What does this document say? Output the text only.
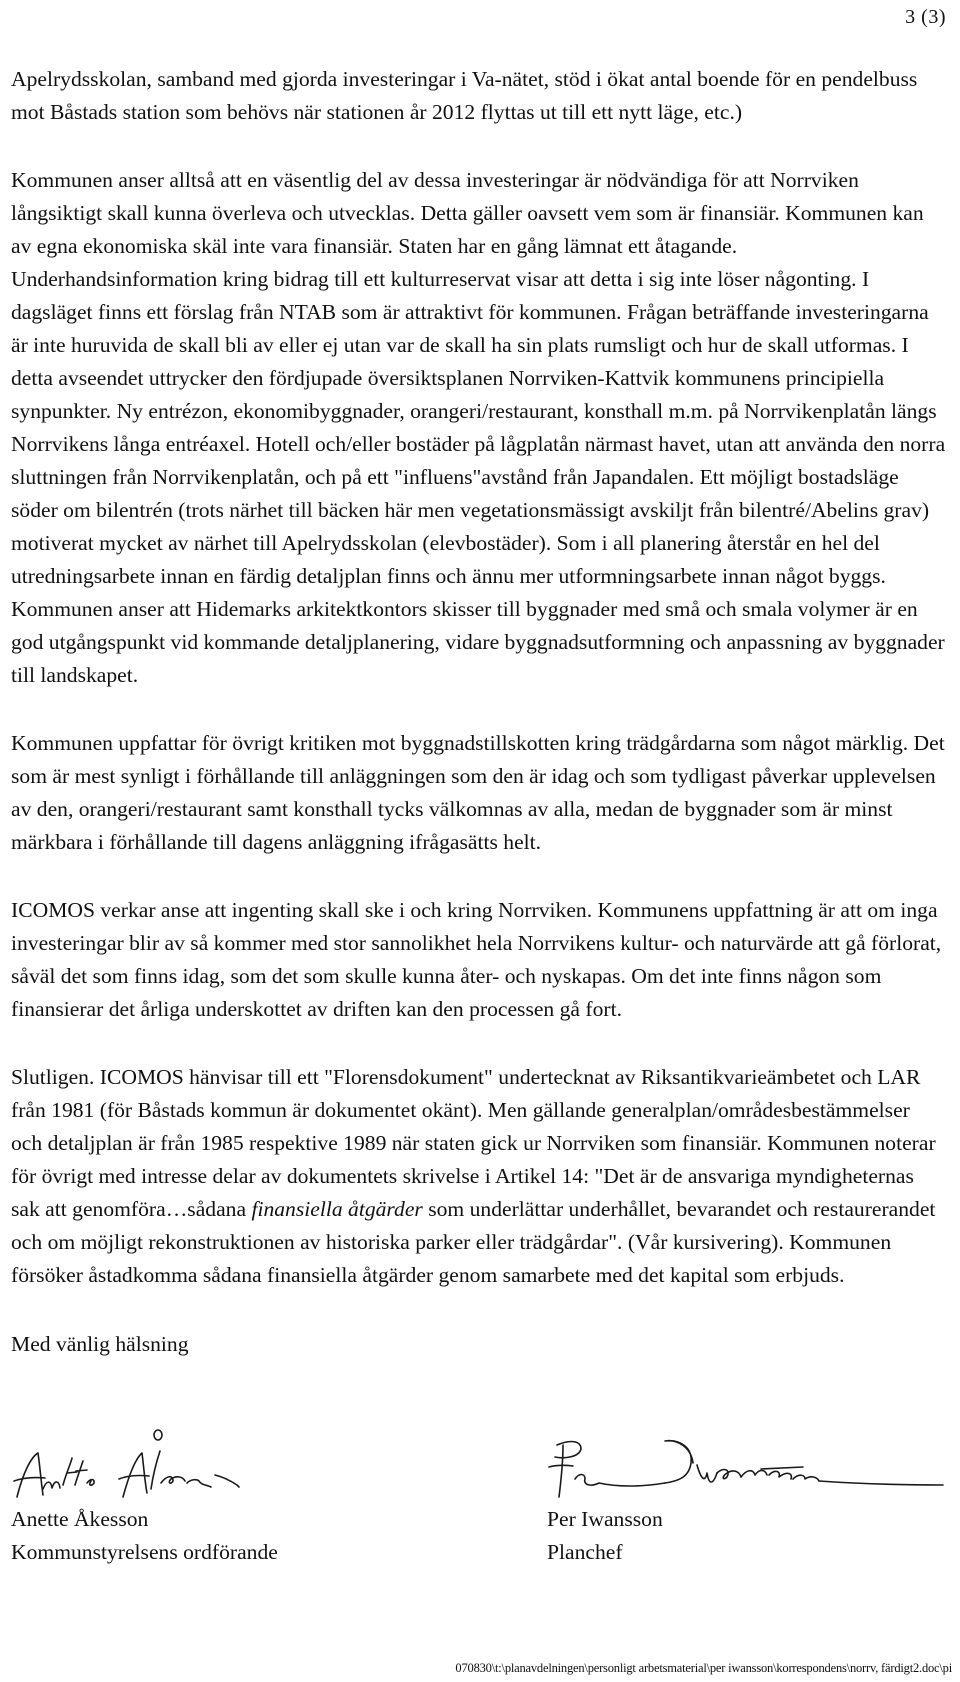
3 (3)

Apelrydsskolan, samband med gjorda investeringar i Va-nätet, stöd i ökat antal boende för en pendelbuss mot Båstads station som behövs när stationen år 2012 flyttas ut till ett nytt läge, etc.)

Kommunen anser alltså att en väsentlig del av dessa investeringar är nödvändiga för att Norrviken långsiktigt skall kunna överleva och utvecklas. Detta gäller oavsett vem som är finansiär. Kommunen kan av egna ekonomiska skäl inte vara finansiär. Staten har en gång lämnat ett åtagande. Underhandsinformation kring bidrag till ett kulturreservat visar att detta i sig inte löser någonting. I dagsläget finns ett förslag från NTAB som är attraktivt för kommunen. Frågan beträffande investeringarna är inte huruvida de skall bli av eller ej utan var de skall ha sin plats rumsligt och hur de skall utformas. I detta avseendet uttrycker den fördjupade översiktsplanen Norrviken-Kattvik kommunens principiella synpunkter. Ny entrézon, ekonomibyggnader, orangeri/restaurant, konsthall m.m. på Norrvikenplatån längs Norrvikens långa entréaxel. Hotell och/eller bostäder på lågplatån närmast havet, utan att använda den norra sluttningen från Norrvikenplatån, och på ett "influens"avstånd från Japandalen. Ett möjligt bostadsläge söder om bilentrén (trots närhet till bäcken här men vegetationsmässigt avskiljt från bilentré/Abelins grav) motiverat mycket av närhet till Apelrydsskolan (elevbostäder). Som i all planering återstår en hel del utredningsarbete innan en färdig detaljplan finns och ännu mer utformningsarbete innan något byggs. Kommunen anser att Hidemarks arkitektkontors skisser till byggnader med små och smala volymer är en god utgångspunkt vid kommande detaljplanering, vidare byggnadsutformning och anpassning av byggnader till landskapet.

Kommunen uppfattar för övrigt kritiken mot byggnadstillskotten kring trädgårdarna som något märklig. Det som är mest synligt i förhållande till anläggningen som den är idag och som tydligast påverkar upplevelsen av den, orangeri/restaurant samt konsthall tycks välkomnas av alla, medan de byggnader som är minst märkbara i förhållande till dagens anläggning ifrågasätts helt.

ICOMOS verkar anse att ingenting skall ske i och kring Norrviken. Kommunens uppfattning är att om inga investeringar blir av så kommer med stor sannolikhet hela Norrvikens kultur- och naturvärde att gå förlorat, såväl det som finns idag, som det som skulle kunna åter- och nyskapas. Om det inte finns någon som finansierar det årliga underskottet av driften kan den processen gå fort.

Slutligen. ICOMOS hänvisar till ett "Florensdokument" undertecknat av Riksantikvarieämbetet och LAR från 1981 (för Båstads kommun är dokumentet okänt). Men gällande generalplan/områdesbestämmelser och detaljplan är från 1985 respektive 1989 när staten gick ur Norrviken som finansiär. Kommunen noterar för övrigt med intresse delar av dokumentets skrivelse i Artikel 14: "Det är de ansvariga myndigheternas sak att genomföra…sådana finansiella åtgärder som underlättar underhållet, bevarandet och restaurerandet och om möjligt rekonstruktionen av historiska parker eller trädgårdar". (Vår kursivering). Kommunen försöker åstadkomma sådana finansiella åtgärder genom samarbete med det kapital som erbjuds.

Med vänlig hälsning

Anette Åkesson
Kommunstyrelsens ordförande
Per Iwansson
Planchef
070830\t:\planavdelningen\personligt arbetsmaterial\per iwansson\korrespondens\norrv, färdigt2.doc\pi
